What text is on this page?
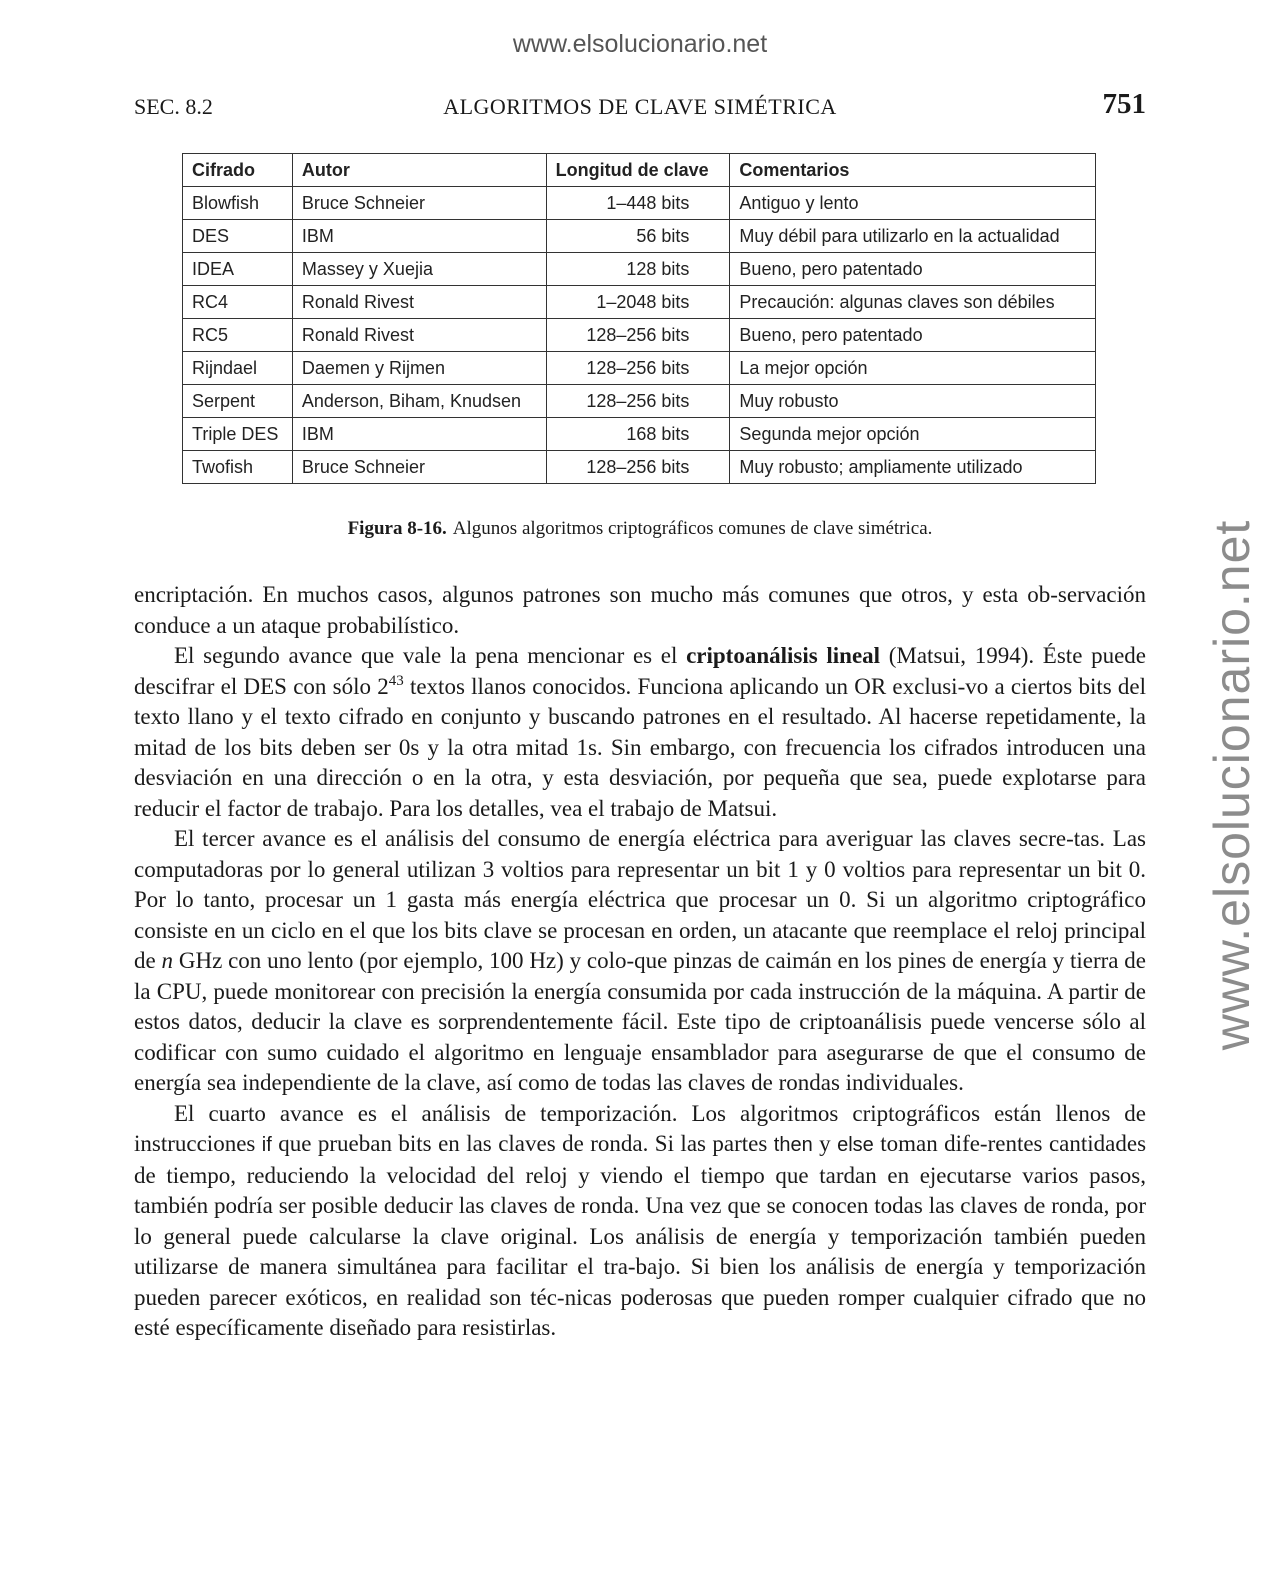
www.elsolucionario.net
www.elsolucionario.net
SEC. 8.2	ALGORITMOS DE CLAVE SIMÉTRICA	751
Cifrado	Autor	Longitud de clave	Comentarios
Blowfish	Bruce Schneier	1–448 bits	Antiguo y lento
DES	IBM	56 bits	Muy débil para utilizarlo en la actualidad
IDEA	Massey y Xuejia	128 bits	Bueno, pero patentado
RC4	Ronald Rivest	1–2048 bits	Precaución: algunas claves son débiles
RC5	Ronald Rivest	128–256 bits	Bueno, pero patentado
Rijndael	Daemen y Rijmen	128–256 bits	La mejor opción
Serpent	Anderson, Biham, Knudsen	128–256 bits	Muy robusto
Triple DES	IBM	168 bits	Segunda mejor opción
Twofish	Bruce Schneier	128–256 bits	Muy robusto; ampliamente utilizado
Figura 8-16. Algunos algoritmos criptográficos comunes de clave simétrica.

encriptación. En muchos casos, algunos patrones son mucho más comunes que otros, y esta ob-servación conduce a un ataque probabilístico.

El segundo avance que vale la pena mencionar es el criptoanálisis lineal (Matsui, 1994). Éste puede descifrar el DES con sólo $2^{43}$ textos llanos conocidos. Funciona aplicando un OR exclusi-vo a ciertos bits del texto llano y el texto cifrado en conjunto y buscando patrones en el resultado. Al hacerse repetidamente, la mitad de los bits deben ser 0s y la otra mitad 1s. Sin embargo, con frecuencia los cifrados introducen una desviación en una dirección o en la otra, y esta desviación, por pequeña que sea, puede explotarse para reducir el factor de trabajo. Para los detalles, vea el trabajo de Matsui.

El tercer avance es el análisis del consumo de energía eléctrica para averiguar las claves secre-tas. Las computadoras por lo general utilizan 3 voltios para representar un bit 1 y 0 voltios para representar un bit 0. Por lo tanto, procesar un 1 gasta más energía eléctrica que procesar un 0. Si un algoritmo criptográfico consiste en un ciclo en el que los bits clave se procesan en orden, un atacante que reemplace el reloj principal de n GHz con uno lento (por ejemplo, 100 Hz) y colo-que pinzas de caimán en los pines de energía y tierra de la CPU, puede monitorear con precisión la energía consumida por cada instrucción de la máquina. A partir de estos datos, deducir la clave es sorprendentemente fácil. Este tipo de criptoanálisis puede vencerse sólo al codificar con sumo cuidado el algoritmo en lenguaje ensamblador para asegurarse de que el consumo de energía sea independiente de la clave, así como de todas las claves de rondas individuales.

El cuarto avance es el análisis de temporización. Los algoritmos criptográficos están llenos de instrucciones if que prueban bits en las claves de ronda. Si las partes then y else toman dife-rentes cantidades de tiempo, reduciendo la velocidad del reloj y viendo el tiempo que tardan en ejecutarse varios pasos, también podría ser posible deducir las claves de ronda. Una vez que se conocen todas las claves de ronda, por lo general puede calcularse la clave original. Los análisis de energía y temporización también pueden utilizarse de manera simultánea para facilitar el tra-bajo. Si bien los análisis de energía y temporización pueden parecer exóticos, en realidad son téc-nicas poderosas que pueden romper cualquier cifrado que no esté específicamente diseñado para resistirlas.
